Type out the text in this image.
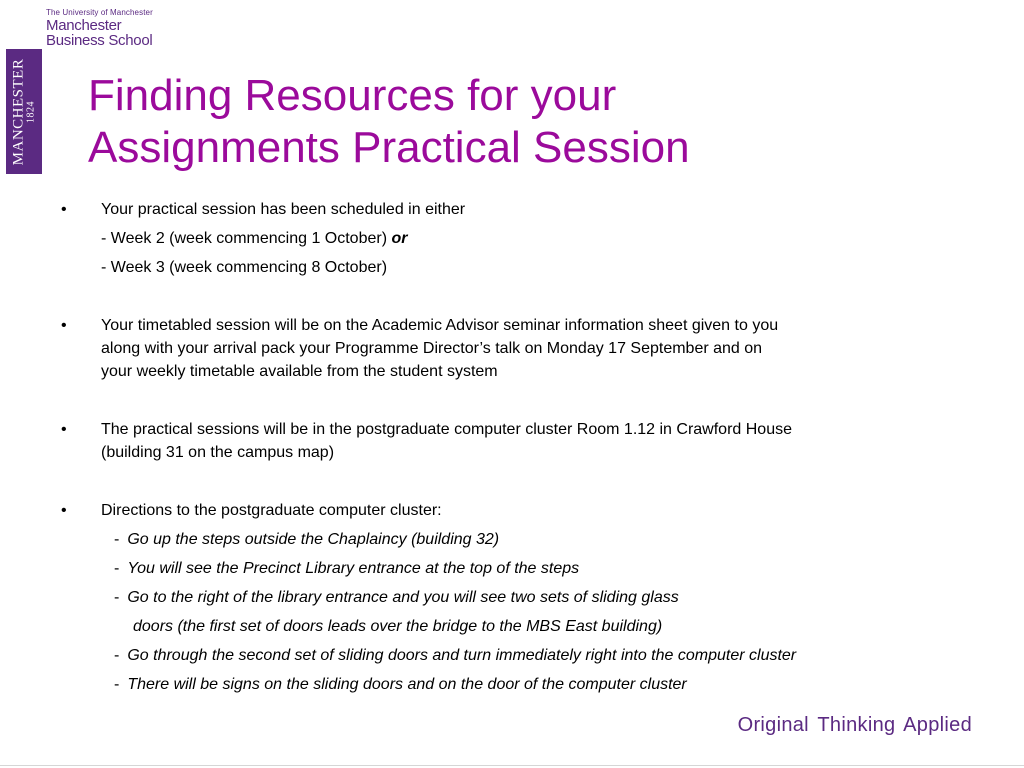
The University of Manchester
Manchester
Business School
MANCHESTER 1824 Finding Resources for your
Assignments Practical Session
• Your practical session has been scheduled in either
- Week 2 (week commencing 1 October) or
- Week 3 (week commencing 8 October)
• Your timetabled session will be on the Academic Advisor seminar information sheet given to you
along with your arrival pack your Programme Director’s talk on Monday 17 September and on
your weekly timetable available from the student system
• The practical sessions will be in the postgraduate computer cluster Room 1.12 in Crawford House
(building 31 on the campus map)
• Directions to the postgraduate computer cluster:
- Go up the steps outside the Chaplaincy (building 32)
- You will see the Precinct Library entrance at the top of the steps
- Go to the right of the library entrance and you will see two sets of sliding glass
doors (the first set of doors leads over the bridge to the MBS East building)
- Go through the second set of sliding doors and turn immediately right into the computer cluster
- There will be signs on the sliding doors and on the door of the computer cluster
Original Thinking Applied
